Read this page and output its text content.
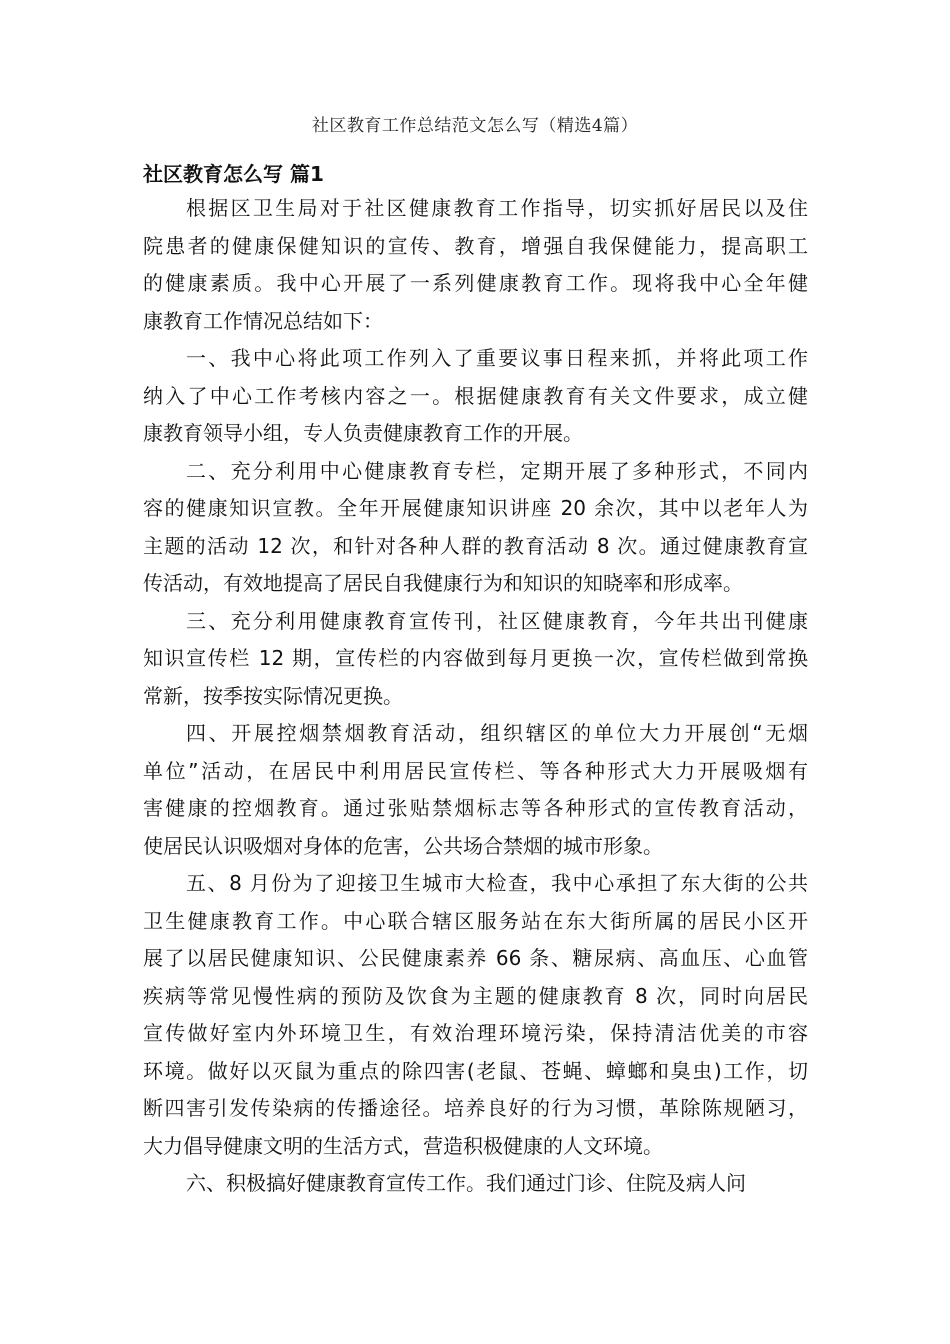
社区教育工作总结范文怎么写（精选4篇）
社区教育怎么写 篇1
根据区卫生局对于社区健康教育工作指导，切实抓好居民以及住
院患者的健康保健知识的宣传、教育，增强自我保健能力，提高职工
的健康素质。我中心开展了一系列健康教育工作。现将我中心全年健
康教育工作情况总结如下：
一、我中心将此项工作列入了重要议事日程来抓，并将此项工作
纳入了中心工作考核内容之一。根据健康教育有关文件要求，成立健
康教育领导小组，专人负责健康教育工作的开展。
二、充分利用中心健康教育专栏，定期开展了多种形式，不同内
容的健康知识宣教。全年开展健康知识讲座 20 余次，其中以老年人为
主题的活动 12 次，和针对各种人群的教育活动 8 次。通过健康教育宣
传活动，有效地提高了居民自我健康行为和知识的知晓率和形成率。
三、充分利用健康教育宣传刊，社区健康教育，今年共出刊健康
知识宣传栏 12 期，宣传栏的内容做到每月更换一次，宣传栏做到常换
常新，按季按实际情况更换。
四、开展控烟禁烟教育活动，组织辖区的单位大力开展创“无烟
单位”活动，在居民中利用居民宣传栏、等各种形式大力开展吸烟有
害健康的控烟教育。通过张贴禁烟标志等各种形式的宣传教育活动，
使居民认识吸烟对身体的危害，公共场合禁烟的城市形象。
五、8 月份为了迎接卫生城市大检查，我中心承担了东大街的公共
卫生健康教育工作。中心联合辖区服务站在东大街所属的居民小区开
展了以居民健康知识、公民健康素养 66 条、糖尿病、高血压、心血管
疾病等常见慢性病的预防及饮食为主题的健康教育 8 次，同时向居民
宣传做好室内外环境卫生，有效治理环境污染，保持清洁优美的市容
环境。做好以灭鼠为重点的除四害(老鼠、苍蝇、蟑螂和臭虫)工作，切
断四害引发传染病的传播途径。培养良好的行为习惯，革除陈规陋习，
大力倡导健康文明的生活方式，营造积极健康的人文环境。
六、积极搞好健康教育宣传工作。我们通过门诊、住院及病人问
